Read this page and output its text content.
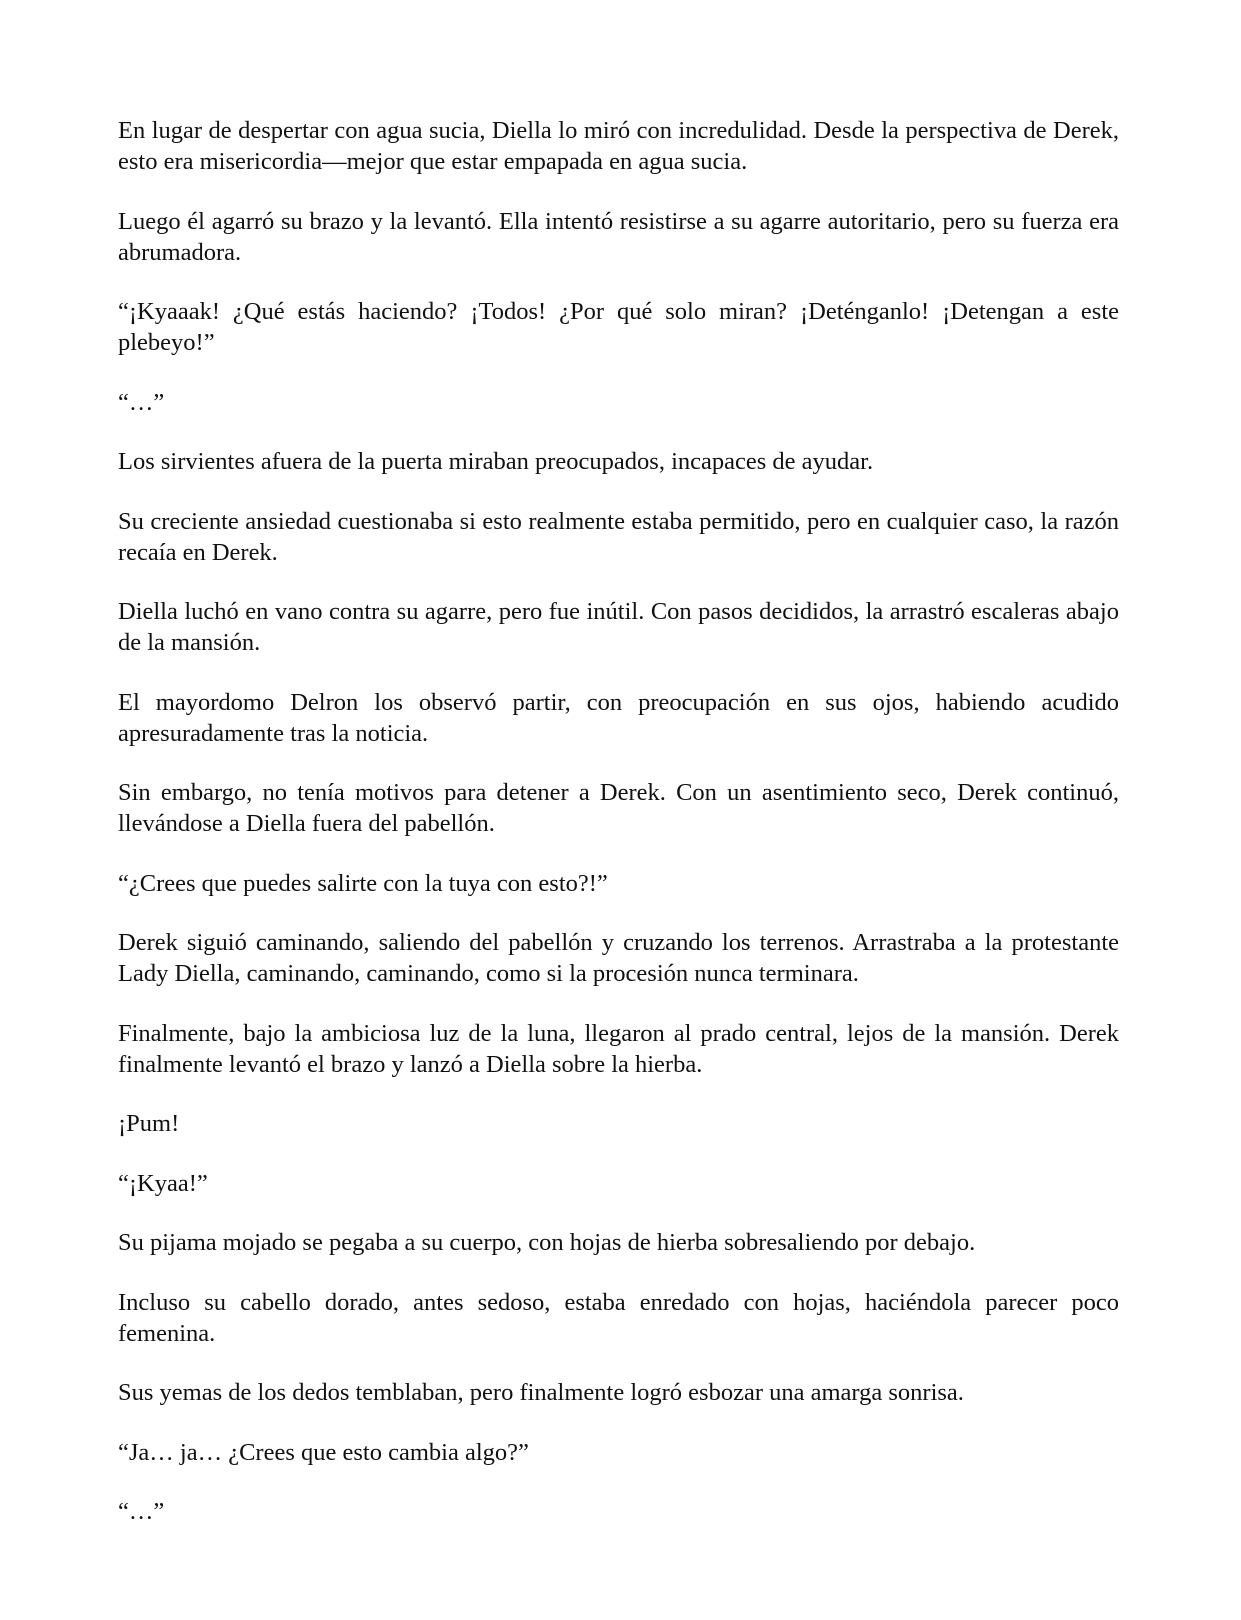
En lugar de despertar con agua sucia, Diella lo miró con incredulidad. Desde la perspectiva de Derek, esto era misericordia—mejor que estar empapada en agua sucia.

Luego él agarró su brazo y la levantó. Ella intentó resistirse a su agarre autoritario, pero su fuerza era abrumadora.

“¡Kyaaak! ¿Qué estás haciendo? ¡Todos! ¿Por qué solo miran? ¡Deténganlo! ¡Detengan a este plebeyo!”

“…”

Los sirvientes afuera de la puerta miraban preocupados, incapaces de ayudar.

Su creciente ansiedad cuestionaba si esto realmente estaba permitido, pero en cualquier caso, la razón recaía en Derek.

Diella luchó en vano contra su agarre, pero fue inútil. Con pasos decididos, la arrastró escaleras abajo de la mansión.

El mayordomo Delron los observó partir, con preocupación en sus ojos, habiendo acudido apresuradamente tras la noticia.

Sin embargo, no tenía motivos para detener a Derek. Con un asentimiento seco, Derek continuó, llevándose a Diella fuera del pabellón.

“¿Crees que puedes salirte con la tuya con esto?!”

Derek siguió caminando, saliendo del pabellón y cruzando los terrenos. Arrastraba a la protestante Lady Diella, caminando, caminando, como si la procesión nunca terminara.

Finalmente, bajo la ambiciosa luz de la luna, llegaron al prado central, lejos de la mansión. Derek finalmente levantó el brazo y lanzó a Diella sobre la hierba.

¡Pum!

“¡Kyaa!”

Su pijama mojado se pegaba a su cuerpo, con hojas de hierba sobresaliendo por debajo.

Incluso su cabello dorado, antes sedoso, estaba enredado con hojas, haciéndola parecer poco femenina.

Sus yemas de los dedos temblaban, pero finalmente logró esbozar una amarga sonrisa.

“Ja… ja… ¿Crees que esto cambia algo?”

“…”
